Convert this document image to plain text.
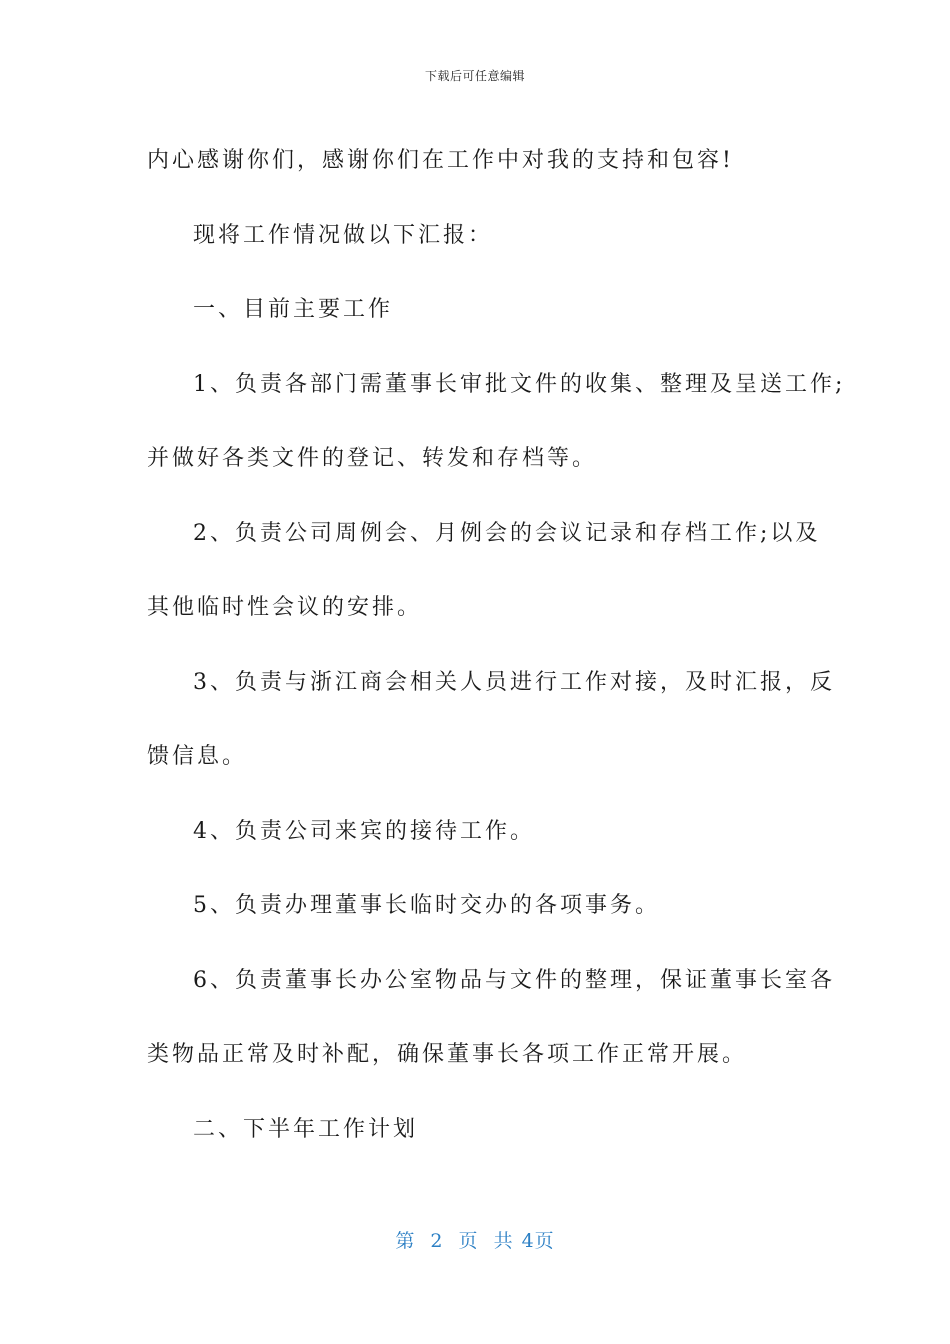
下载后可任意编辑

内心感谢你们，感谢你们在工作中对我的支持和包容!

现将工作情况做以下汇报：

一、目前主要工作

1、负责各部门需董事长审批文件的收集、整理及呈送工作;

并做好各类文件的登记、转发和存档等。

2、负责公司周例会、月例会的会议记录和存档工作;以及

其他临时性会议的安排。

3、负责与浙江商会相关人员进行工作对接，及时汇报，反

馈信息。

4、负责公司来宾的接待工作。

5、负责办理董事长临时交办的各项事务。

6、负责董事长办公室物品与文件的整理，保证董事长室各

类物品正常及时补配，确保董事长各项工作正常开展。

二、下半年工作计划

第 2 页 共 4页
